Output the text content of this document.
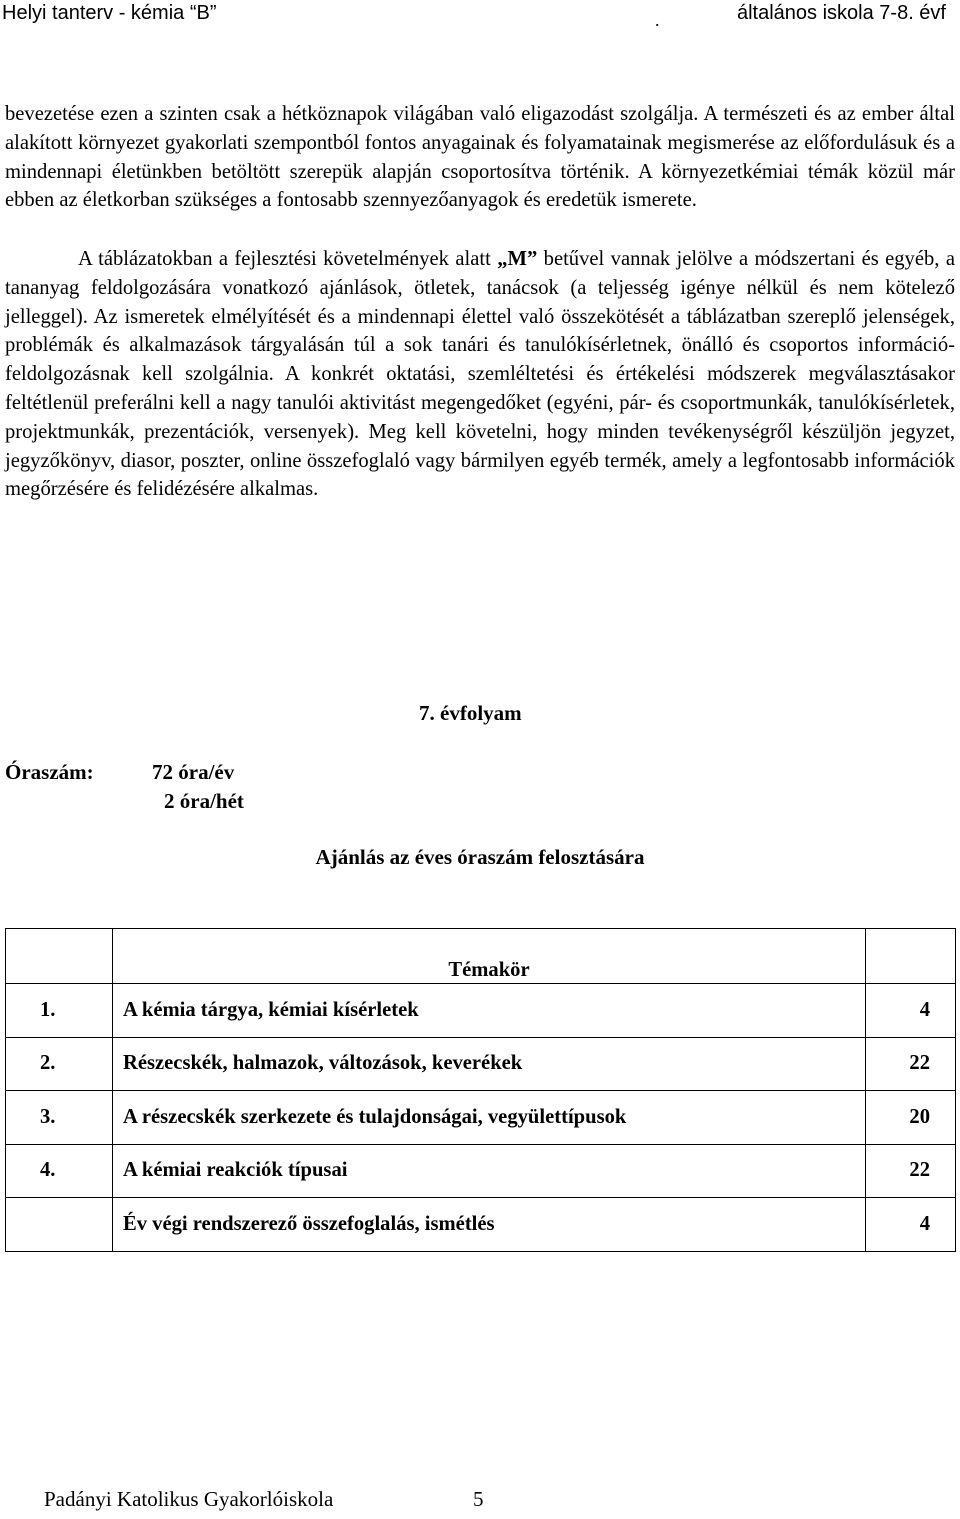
Helyi tanterv - kémia “B”	.	általános iskola 7-8. évf

bevezetése ezen a szinten csak a hétköznapok világában való eligazodást szolgálja. A természeti és az ember által alakított környezet gyakorlati szempontból fontos anyagainak és folyamatainak megismerése az előfordulásuk és a mindennapi életünkben betöltött szerepük alapján csoportosítva történik. A környezetkémiai témák közül már ebben az életkorban szükséges a fontosabb szennyezőanyagok és eredetük ismerete.

A táblázatokban a fejlesztési követelmények alatt „M” betűvel vannak jelölve a módszertani és egyéb, a tananyag feldolgozására vonatkozó ajánlások, ötletek, tanácsok (a teljesség igénye nélkül és nem kötelező jelleggel). Az ismeretek elmélyítését és a mindennapi élettel való összekötését a táblázatban szereplő jelenségek, problémák és alkalmazások tárgyalásán túl a sok tanári és tanulókísérletnek, önálló és csoportos információ-feldolgozásnak kell szolgálnia. A konkrét oktatási, szemléltetési és értékelési módszerek megválasztásakor feltétlenül preferálni kell a nagy tanulói aktivitást megengedőket (egyéni, pár- és csoportmunkák, tanulókísérletek, projektmunkák, prezentációk, versenyek). Meg kell követelni, hogy minden tevékenységről készüljön jegyzet, jegyzőkönyv, diasor, poszter, online összefoglaló vagy bármilyen egyéb termék, amely a legfontosabb információk megőrzésére és felidézésére alkalmas.

7. évfolyam
Óraszám:	72 óra/év
2 óra/hét
Ajánlás az éves óraszám felosztására
	Témakör	
1.	A kémia tárgya, kémiai kísérletek	4
2.	Részecskék, halmazok, változások, keverékek	22
3.	A részecskék szerkezete és tulajdonságai, vegyülettípusok	20
4.	A kémiai reakciók típusai	22
	Év végi rendszerező összefoglalás, ismétlés	4
Padányi Katolikus Gyakorlóiskola	5
